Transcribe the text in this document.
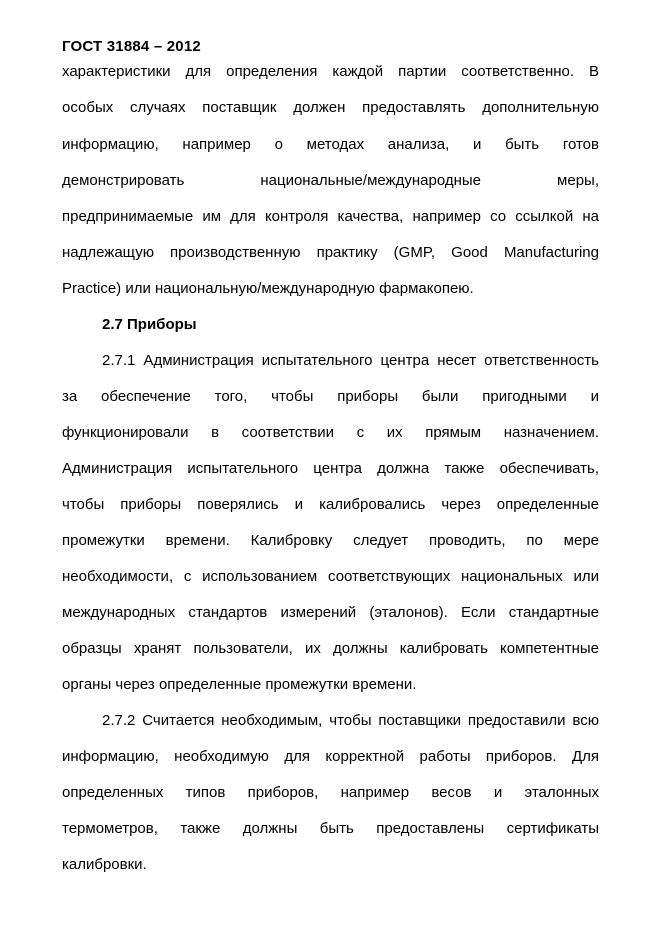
ГОСТ 31884 – 2012
характеристики для определения каждой партии соответственно. В
особых случаях поставщик должен предоставлять дополнительную
информацию, например о методах анализа, и быть готов
демонстрировать национальные/международные меры,
предпринимаемые им для контроля качества, например со ссылкой на
надлежащую производственную практику (GMP, Good Manufacturing
Practice) или национальную/международную фармакопею.
2.7 Приборы
2.7.1 Администрация испытательного центра несет ответственность
за обеспечение того, чтобы приборы были пригодными и
функционировали в соответствии с их прямым назначением.
Администрация испытательного центра должна также обеспечивать,
чтобы приборы поверялись и калибровались через определенные
промежутки времени. Калибровку следует проводить, по мере
необходимости, с использованием соответствующих национальных или
международных стандартов измерений (эталонов). Если стандартные
образцы хранят пользователи, их должны калибровать компетентные
органы через определенные промежутки времени.
2.7.2 Считается необходимым, чтобы поставщики предоставили всю
информацию, необходимую для корректной работы приборов. Для
определенных типов приборов, например весов и эталонных
термометров, также должны быть предоставлены сертификаты
калибровки.
